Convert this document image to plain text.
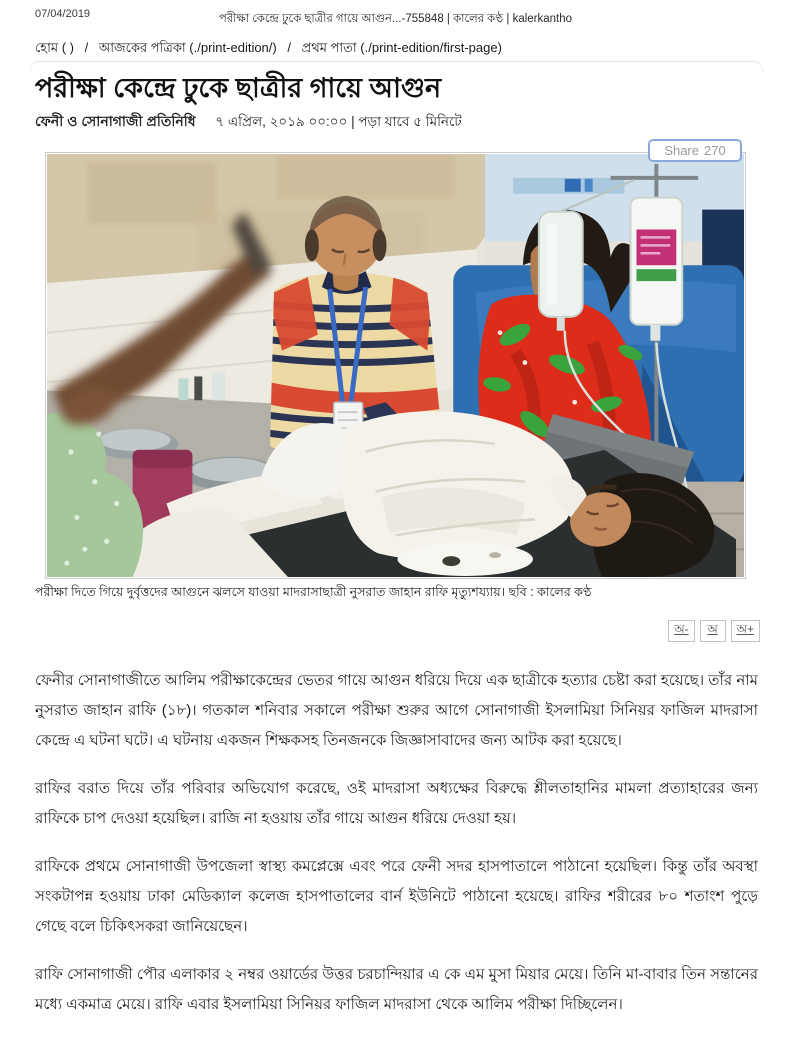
07/04/2019	পরীক্ষা কেন্দ্রে ঢুকে ছাত্রীর গায়ে আগুন...-755848 | কালের কণ্ঠ | kalerkantho
হোম ( ) / আজকের পত্রিকা (./print-edition/) / প্রথম পাতা (./print-edition/first-page)
পরীক্ষা কেন্দ্রে ঢুকে ছাত্রীর গায়ে আগুন
ফেনী ও সোনাগাজী প্রতিনিধি ৭ এপ্রিল, ২০১৯ ০০:০০ | পড়া যাবে ৫ মিনিটে
Share 270
পরীক্ষা দিতে গিয়ে দুর্বৃত্তদের আগুনে ঝলসে যাওয়া মাদরাসাছাত্রী নুসরাত জাহান রাফি মৃত্যুশয্যায়। ছবি : কালের কণ্ঠ
অ-	অ	অ+

ফেনীর সোনাগাজীতে আলিম পরীক্ষাকেন্দ্রের ভেতর গায়ে আগুন ধরিয়ে দিয়ে এক ছাত্রীকে হত্যার চেষ্টা করা হয়েছে। তাঁর নাম নুসরাত জাহান রাফি (১৮)। গতকাল শনিবার সকালে পরীক্ষা শুরুর আগে সোনাগাজী ইসলামিয়া সিনিয়র ফাজিল মাদরাসা কেন্দ্রে এ ঘটনা ঘটে। এ ঘটনায় একজন শিক্ষকসহ তিনজনকে জিজ্ঞাসাবাদের জন্য আটক করা হয়েছে।

রাফির বরাত দিয়ে তাঁর পরিবার অভিযোগ করেছে, ওই মাদরাসা অধ্যক্ষের বিরুদ্ধে শ্লীলতাহানির মামলা প্রত্যাহারের জন্য রাফিকে চাপ দেওয়া হয়েছিল। রাজি না হওয়ায় তাঁর গায়ে আগুন ধরিয়ে দেওয়া হয়।

রাফিকে প্রথমে সোনাগাজী উপজেলা স্বাস্থ্য কমপ্লেক্সে এবং পরে ফেনী সদর হাসপাতালে পাঠানো হয়েছিল। কিন্তু তাঁর অবস্থা সংকটাপন্ন হওয়ায় ঢাকা মেডিক্যাল কলেজ হাসপাতালের বার্ন ইউনিটে পাঠানো হয়েছে। রাফির শরীরের ৮০ শতাংশ পুড়ে গেছে বলে চিকিৎসকরা জানিয়েছেন।

রাফি সোনাগাজী পৌর এলাকার ২ নম্বর ওয়ার্ডের উত্তর চরচান্দিয়ার এ কে এম মুসা মিয়ার মেয়ে। তিনি মা-বাবার তিন সন্তানের মধ্যে একমাত্র মেয়ে। রাফি এবার ইসলামিয়া সিনিয়র ফাজিল মাদরাসা থেকে আলিম পরীক্ষা দিচ্ছিলেন।
